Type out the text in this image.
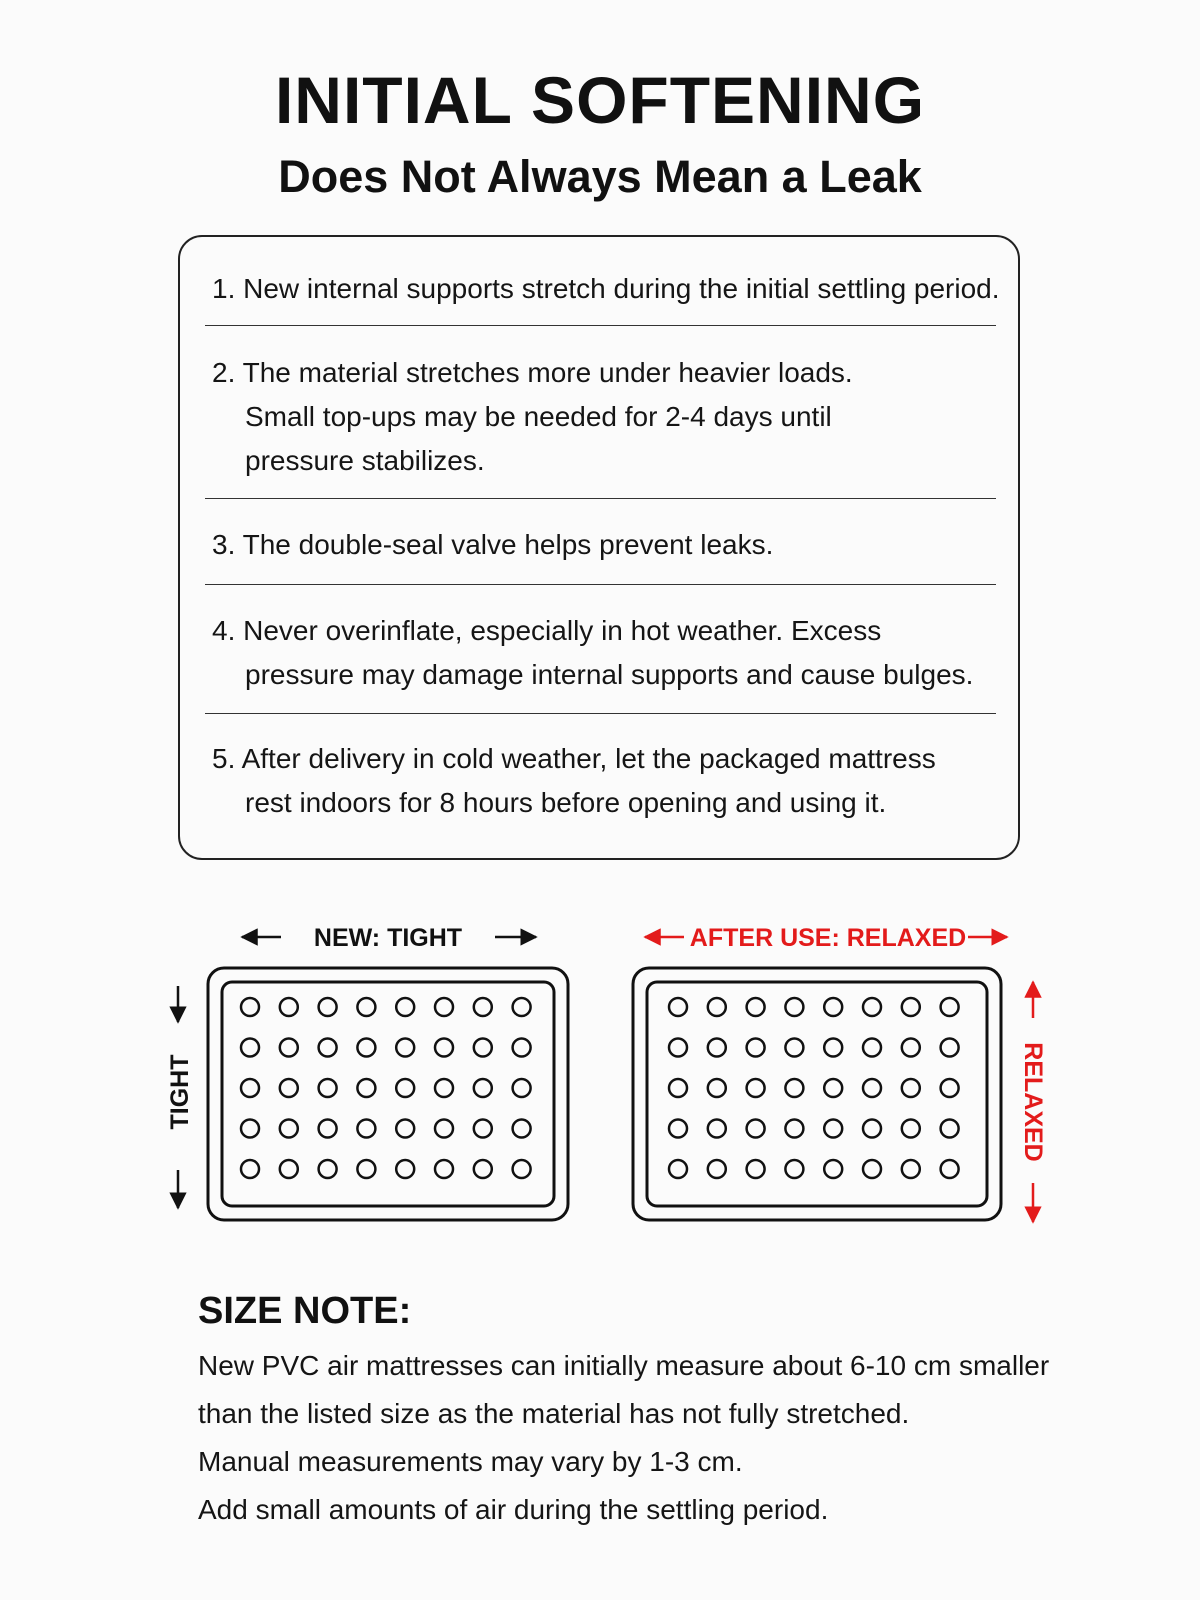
INITIAL SOFTENING
Does Not Always Mean a Leak
1. New internal supports stretch during the initial settling period.
2. The material stretches more under heavier loads.
Small top-ups may be needed for 2-4 days until
pressure stabilizes.
3. The double-seal valve helps prevent leaks.
4. Never overinflate, especially in hot weather. Excess
pressure may damage internal supports and cause bulges.
5. After delivery in cold weather, let the packaged mattress
rest indoors for 8 hours before opening and using it.
NEW: TIGHT	AFTER USE: RELAXED
TIGHT	RELAXED
SIZE NOTE:
New PVC air mattresses can initially measure about 6-10 cm smaller
than the listed size as the material has not fully stretched.
Manual measurements may vary by 1-3 cm.
Add small amounts of air during the settling period.
